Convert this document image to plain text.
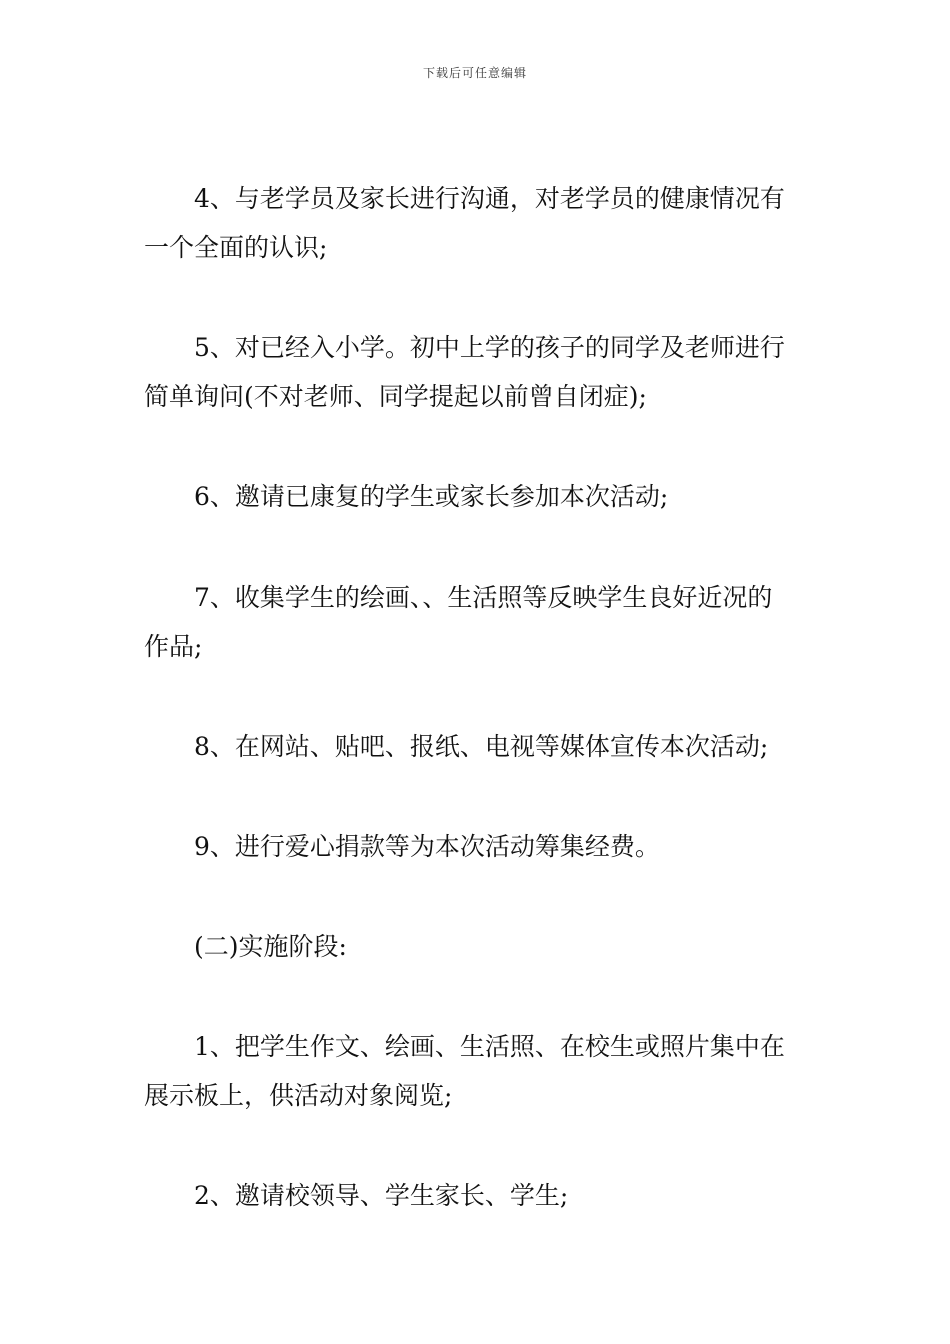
下载后可任意编辑

4、与老学员及家长进行沟通，对老学员的健康情况有
一个全面的认识;

5、对已经入小学。初中上学的孩子的同学及老师进行
简单询问(不对老师、同学提起以前曾自闭症);

6、邀请已康复的学生或家长参加本次活动;

7、收集学生的绘画、、生活照等反映学生良好近况的
作品;

8、在网站、贴吧、报纸、电视等媒体宣传本次活动;

9、进行爱心捐款等为本次活动筹集经费。

(二)实施阶段:

1、把学生作文、绘画、生活照、在校生或照片集中在
展示板上，供活动对象阅览;

2、邀请校领导、学生家长、学生;
